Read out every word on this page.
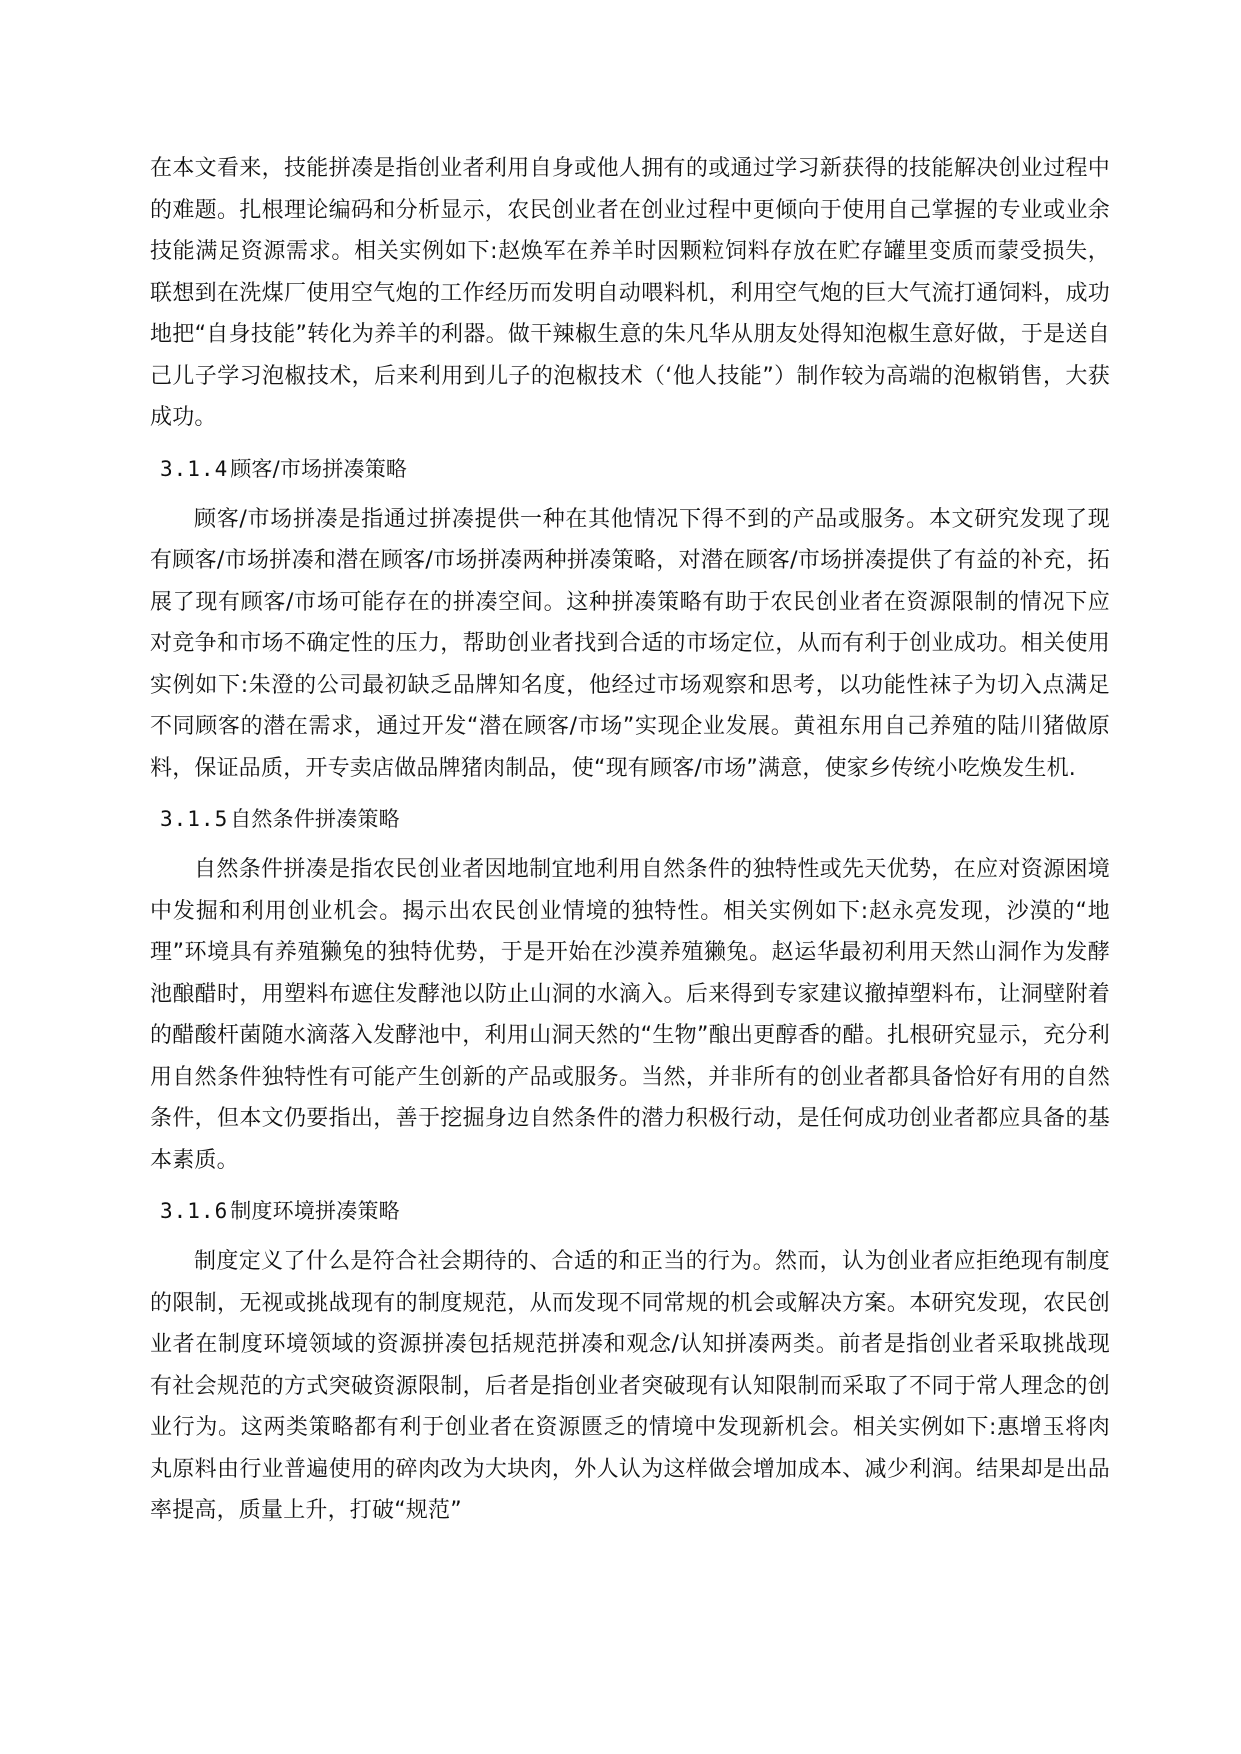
在本文看来，技能拼凑是指创业者利用自身或他人拥有的或通过学习新获得的技能解决创业过程中的难题。扎根理论编码和分析显示，农民创业者在创业过程中更倾向于使用自己掌握的专业或业余技能满足资源需求。相关实例如下:赵焕军在养羊时因颗粒饲料存放在贮存罐里变质而蒙受损失，联想到在洗煤厂使用空气炮的工作经历而发明自动喂料机，利用空气炮的巨大气流打通饲料，成功地把“自身技能”转化为养羊的利器。做干辣椒生意的朱凡华从朋友处得知泡椒生意好做，于是送自己儿子学习泡椒技术，后来利用到儿子的泡椒技术（‘他人技能”）制作较为高端的泡椒销售，大获成功。

3.1.4顾客/市场拼凑策略

顾客/市场拼凑是指通过拼凑提供一种在其他情况下得不到的产品或服务。本文研究发现了现有顾客/市场拼凑和潜在顾客/市场拼凑两种拼凑策略，对潜在顾客/市场拼凑提供了有益的补充，拓展了现有顾客/市场可能存在的拼凑空间。这种拼凑策略有助于农民创业者在资源限制的情况下应对竞争和市场不确定性的压力，帮助创业者找到合适的市场定位，从而有利于创业成功。相关使用实例如下:朱澄的公司最初缺乏品牌知名度，他经过市场观察和思考，以功能性袜子为切入点满足不同顾客的潜在需求，通过开发“潜在顾客/市场”实现企业发展。黄祖东用自己养殖的陆川猪做原料，保证品质，开专卖店做品牌猪肉制品，使“现有顾客/市场”满意，使家乡传统小吃焕发生机.

3.1.5自然条件拼凑策略

自然条件拼凑是指农民创业者因地制宜地利用自然条件的独特性或先天优势，在应对资源困境中发掘和利用创业机会。揭示出农民创业情境的独特性。相关实例如下:赵永亮发现，沙漠的“地理”环境具有养殖獭兔的独特优势，于是开始在沙漠养殖獭兔。赵运华最初利用天然山洞作为发酵池酿醋时，用塑料布遮住发酵池以防止山洞的水滴入。后来得到专家建议撤掉塑料布，让洞壁附着的醋酸杆菌随水滴落入发酵池中，利用山洞天然的“生物”酿出更醇香的醋。扎根研究显示，充分利用自然条件独特性有可能产生创新的产品或服务。当然，并非所有的创业者都具备恰好有用的自然条件，但本文仍要指出，善于挖掘身边自然条件的潜力积极行动，是任何成功创业者都应具备的基本素质。

3.1.6制度环境拼凑策略

制度定义了什么是符合社会期待的、合适的和正当的行为。然而，认为创业者应拒绝现有制度的限制，无视或挑战现有的制度规范，从而发现不同常规的机会或解决方案。本研究发现，农民创业者在制度环境领域的资源拼凑包括规范拼凑和观念/认知拼凑两类。前者是指创业者采取挑战现有社会规范的方式突破资源限制，后者是指创业者突破现有认知限制而采取了不同于常人理念的创业行为。这两类策略都有利于创业者在资源匮乏的情境中发现新机会。相关实例如下:惠增玉将肉丸原料由行业普遍使用的碎肉改为大块肉，外人认为这样做会增加成本、减少利润。结果却是出品率提高，质量上升，打破“规范”
